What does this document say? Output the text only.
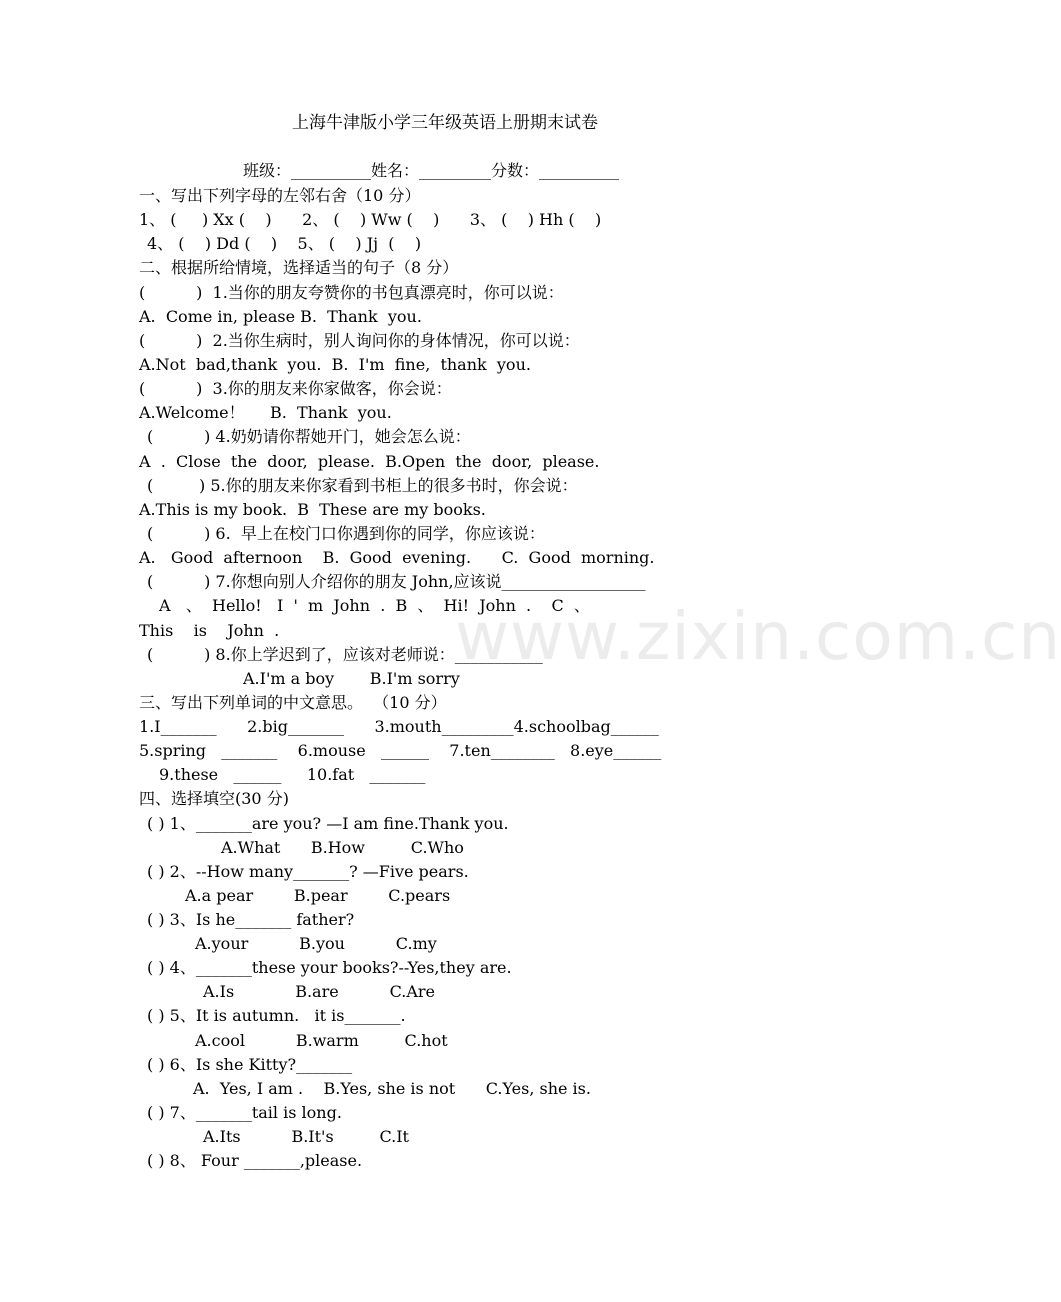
www.zixin.com.cn
上海牛津版小学三年级英语上册期末试卷
班级：__________姓名：_________分数：__________
一、写出下列字母的左邻右舍（10 分）
1、 (     ) Xx (    )      2、 (    ) Ww (    )      3、 (    ) Hh (    )
4、 (    ) Dd (    )    5、 (    ) Jj  (    )
二、根据所给情境，选择适当的句子（8 分）
(          )  1.当你的朋友夸赞你的书包真漂亮时，你可以说：
A.  Come in, please B.  Thank  you.
(          )  2.当你生病时，别人询问你的身体情况，你可以说：
A.Not  bad,thank  you.  B.  I'm  fine,  thank  you.
(          )  3.你的朋友来你家做客，你会说：
A.Welcome！     B.  Thank  you.
(          ) 4.奶奶请你帮她开门，她会怎么说：
A  .  Close  the  door,  please.  B.Open  the  door,  please.
(         ) 5.你的朋友来你家看到书柜上的很多书时，你会说：
A.This is my book.  B  These are my books.
(          ) 6.  早上在校门口你遇到你的同学，你应该说：
A.   Good  afternoon    B.  Good  evening.      C.  Good  morning.
(          ) 7.你想向别人介绍你的朋友 John,应该说__________________
A   、  Hello!   I  '  m  John  .  B  、  Hi!  John  .    C  、
This    is    John  .
(          ) 8.你上学迟到了，应该对老师说：___________
A.I'm a boy       B.I'm sorry
三、写出下列单词的中文意思。  （10 分）
1.I_______      2.big_______      3.mouth_________4.schoolbag______
5.spring   _______    6.mouse   ______    7.ten________   8.eye______
9.these   ______     10.fat   _______
四、选择填空(30 分)
( ) 1、_______are you? —I am fine.Thank you.
A.What      B.How         C.Who
( ) 2、--How many_______? —Five pears.
A.a pear        B.pear        C.pears
( ) 3、Is he_______ father?
A.your          B.you          C.my
( ) 4、_______these your books?--Yes,they are.
A.Is            B.are          C.Are
( ) 5、It is autumn.   it is_______.
A.cool          B.warm         C.hot
( ) 6、Is she Kitty?_______
A.  Yes, I am .    B.Yes, she is not      C.Yes, she is.
( ) 7、_______tail is long.
A.Its          B.It's         C.It
( ) 8、 Four _______,please.
